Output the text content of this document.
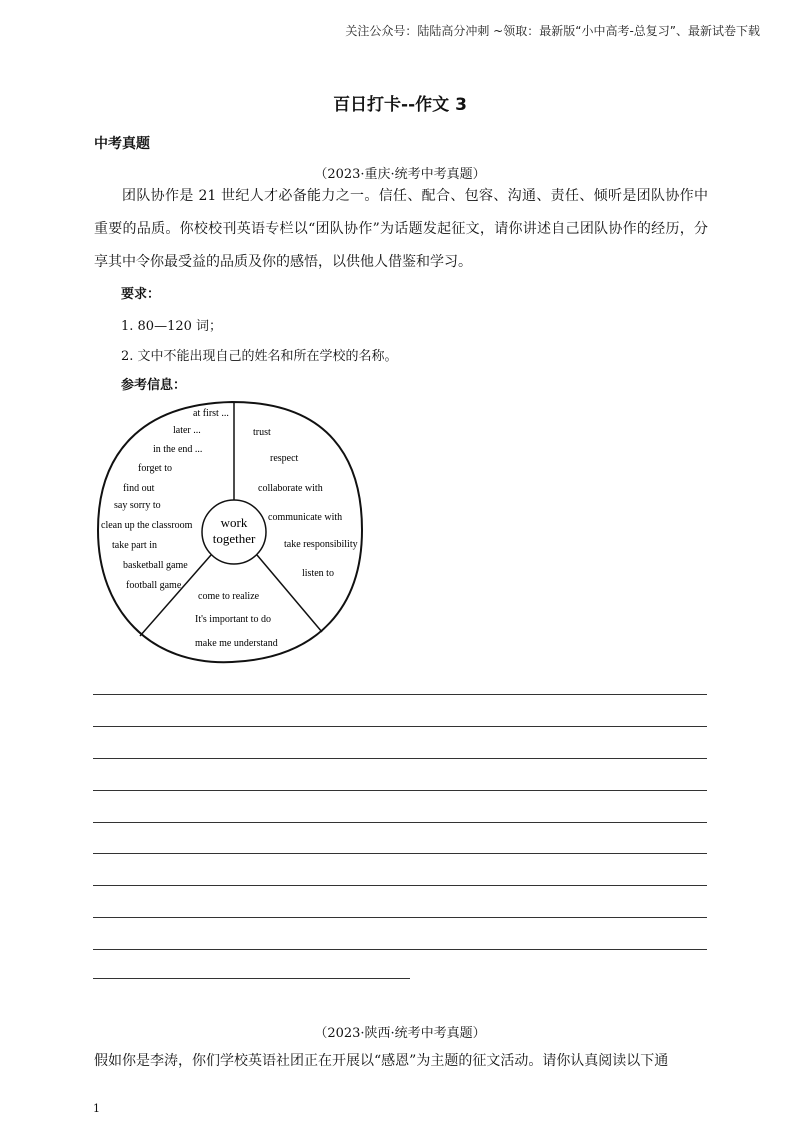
关注公众号：陆陆高分冲刺 ~领取：最新版“小中高考-总复习”、最新试卷下载
百日打卡--作文 3
中考真题
（2023·重庆·统考中考真题）
团队协作是 21 世纪人才必备能力之一。信任、配合、包容、沟通、责任、倾听是团队协作中重要的品质。你校校刊英语专栏以“团队协作”为话题发起征文，请你讲述自己团队协作的经历，分享其中令你最受益的品质及你的感悟，以供他人借鉴和学习。
要求：
1. 80—120 词；
2. 文中不能出现自己的姓名和所在学校的名称。
参考信息：
work
together
at first ...
later ...
in the end ...
forget to
find out
say sorry to
clean up the classroom
take part in
basketball game
football game
trust
respect
collaborate with
communicate with
take responsibility
listen to
come to realize
It's important to do
make me understand
（2023·陕西·统考中考真题）
假如你是李涛，你们学校英语社团正在开展以“感恩”为主题的征文活动。请你认真阅读以下通
1
